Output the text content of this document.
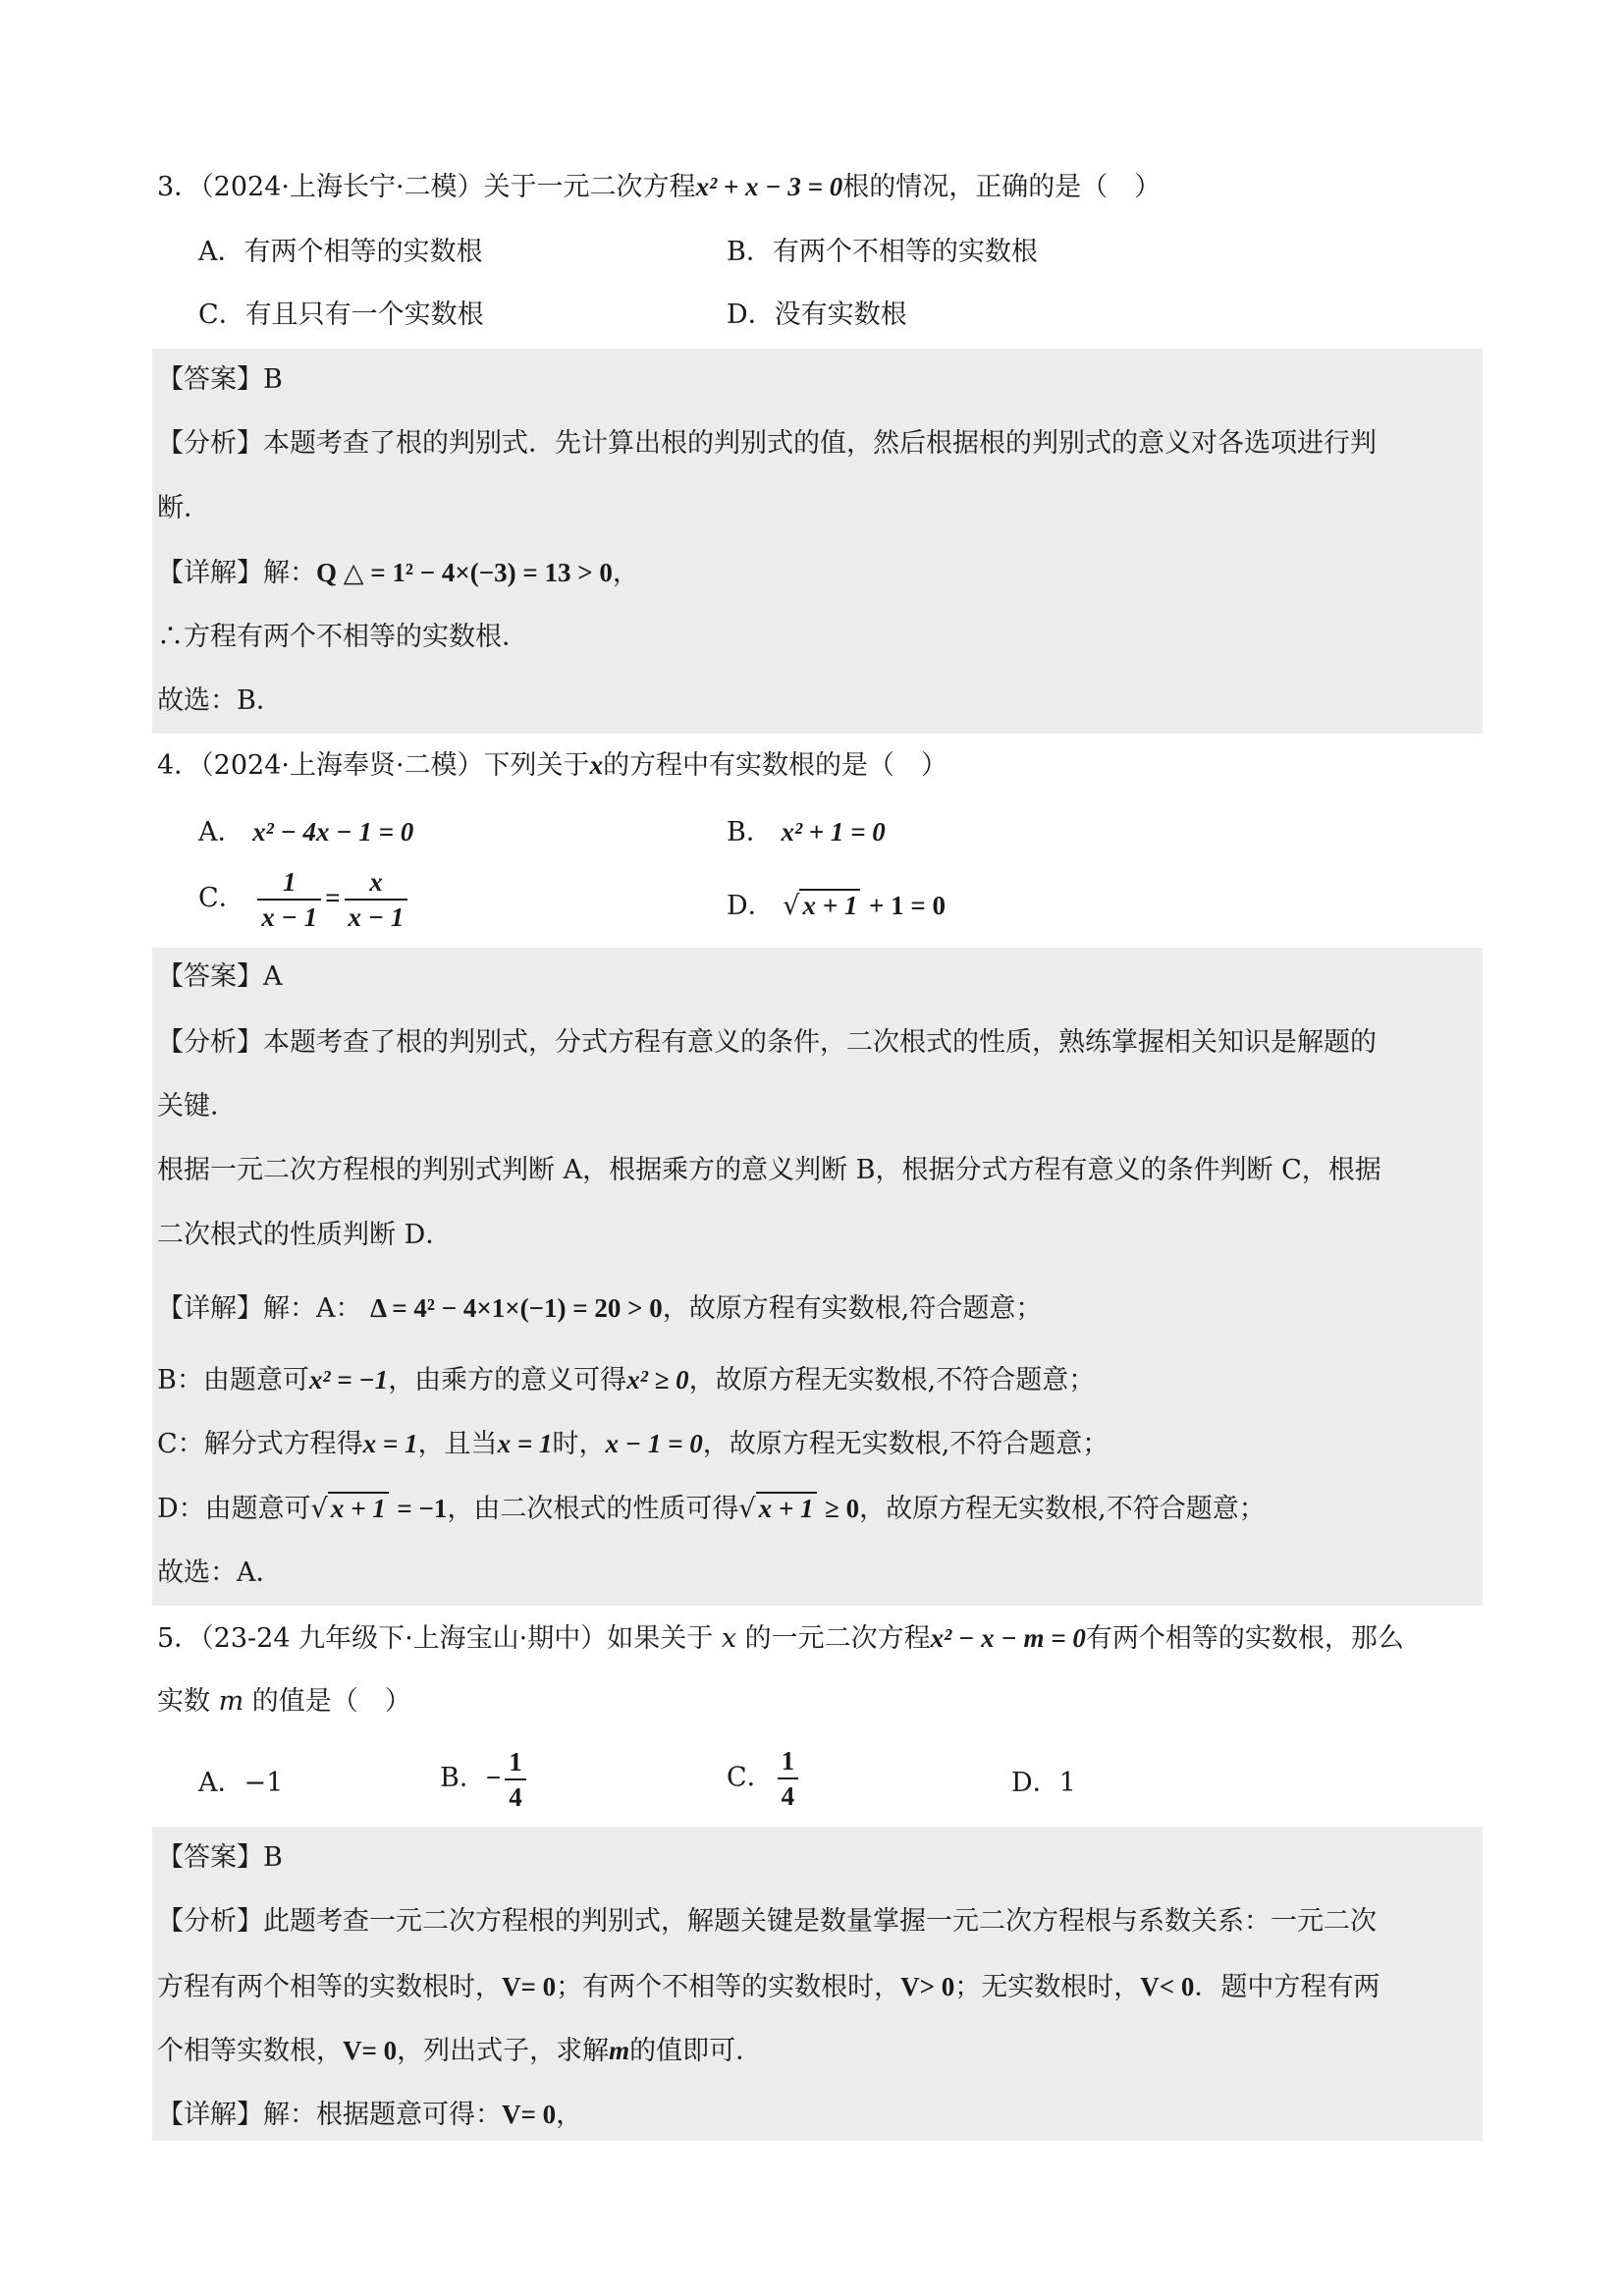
3．（2024·上海长宁·二模）关于一元二次方程x² + x − 3 = 0根的情况，正确的是（　）
A．有两个相等的实数根	B．有两个不相等的实数根
C．有且只有一个实数根	D．没有实数根
【答案】B
【分析】本题考查了根的判别式．先计算出根的判别式的值，然后根据根的判别式的意义对各选项进行判
断．
【详解】解：Q △ = 1² − 4×(−3) = 13 > 0，
∴方程有两个不相等的实数根．
故选：B．
4．（2024·上海奉贤·二模）下列关于x的方程中有实数根的是（　）
A． x² − 4x − 1 = 0	B． x² + 1 = 0
C． $\frac{1}{x - 1} = \frac{x}{x - 1}$	D． √ x + 1 + 1 = 0
【答案】A
【分析】本题考查了根的判别式，分式方程有意义的条件，二次根式的性质，熟练掌握相关知识是解题的
关键．
根据一元二次方程根的判别式判断 A，根据乘方的意义判断 B，根据分式方程有意义的条件判断 C，根据
二次根式的性质判断 D．
【详解】解：A： Δ = 4² − 4×1×(−1) = 20 > 0，故原方程有实数根,符合题意；
B：由题意可x² = −1，由乘方的意义可得x² ≥ 0，故原方程无实数根,不符合题意；
C：解分式方程得x = 1，且当x = 1时，x − 1 = 0，故原方程无实数根,不符合题意；
D：由题意可√ x + 1 = −1，由二次根式的性质可得√ x + 1 ≥ 0，故原方程无实数根,不符合题意；
故选：A．
5．（23-24 九年级下·上海宝山·期中）如果关于 x 的一元二次方程x² − x − m = 0有两个相等的实数根，那么
实数 m 的值是（　）
A．−1	B．− $\frac{1}{4}$	C． $\frac{1}{4}$	D．1
【答案】B
【分析】此题考查一元二次方程根的判别式，解题关键是数量掌握一元二次方程根与系数关系：一元二次
方程有两个相等的实数根时，V= 0；有两个不相等的实数根时，V> 0；无实数根时，V< 0．题中方程有两
个相等实数根，V= 0，列出式子，求解m的值即可．
【详解】解：根据题意可得：V= 0，
